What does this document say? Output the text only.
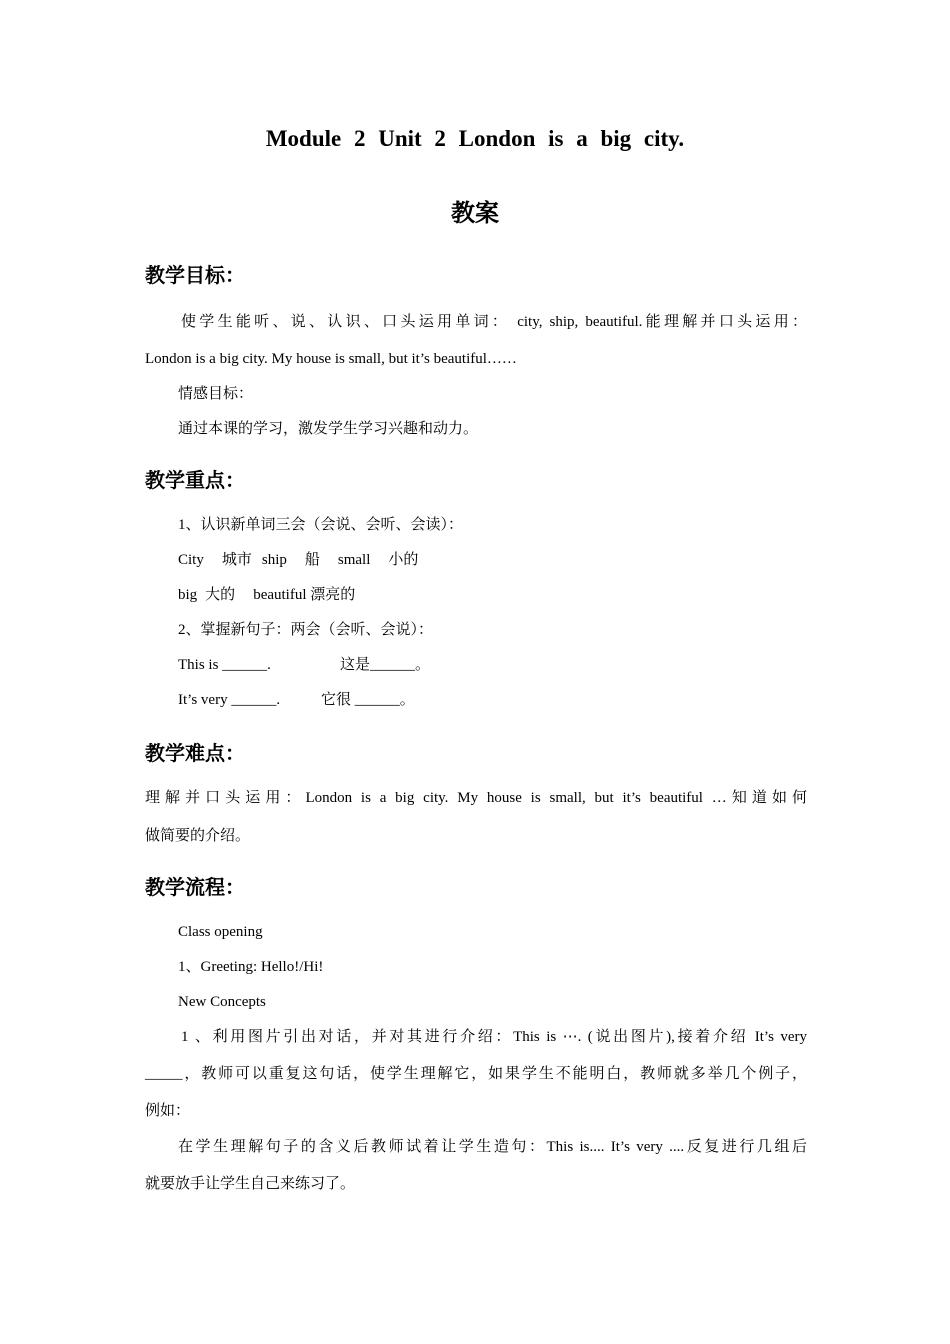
Module 2 Unit 2 London is a big city.
教案
教学目标：
使学生能听、说、认识、口头运用单词： city, ship, beautiful.能理解并口头运用：
London is a big city. My house is small, but it’s beautiful……
情感目标：
通过本课的学习，激发学生学习兴趣和动力。
教学重点：
1、认识新单词三会（会说、会听、会读）：
City 城市 ship 船 small 小的
big 大的 beautiful 漂亮的
2、掌握新句子：两会（会听、会说）：
This is ______.	这是______。
It’s very ______.	它很 ______。
教学难点：
理解并口头运用：London is a big city. My house is small, but it’s beautiful …知道如何
做简要的介绍。
教学流程：
Class opening
1、Greeting: Hello!/Hi!
New Concepts
1 、利用图片引出对话，并对其进行介绍：This is ⋯. (说出图片),接着介绍 It’s very
_____，教师可以重复这句话，使学生理解它，如果学生不能明白，教师就多举几个例子，
例如：
在学生理解句子的含义后教师试着让学生造句：This is.... It’s very ....反复进行几组后
就要放手让学生自己来练习了。
